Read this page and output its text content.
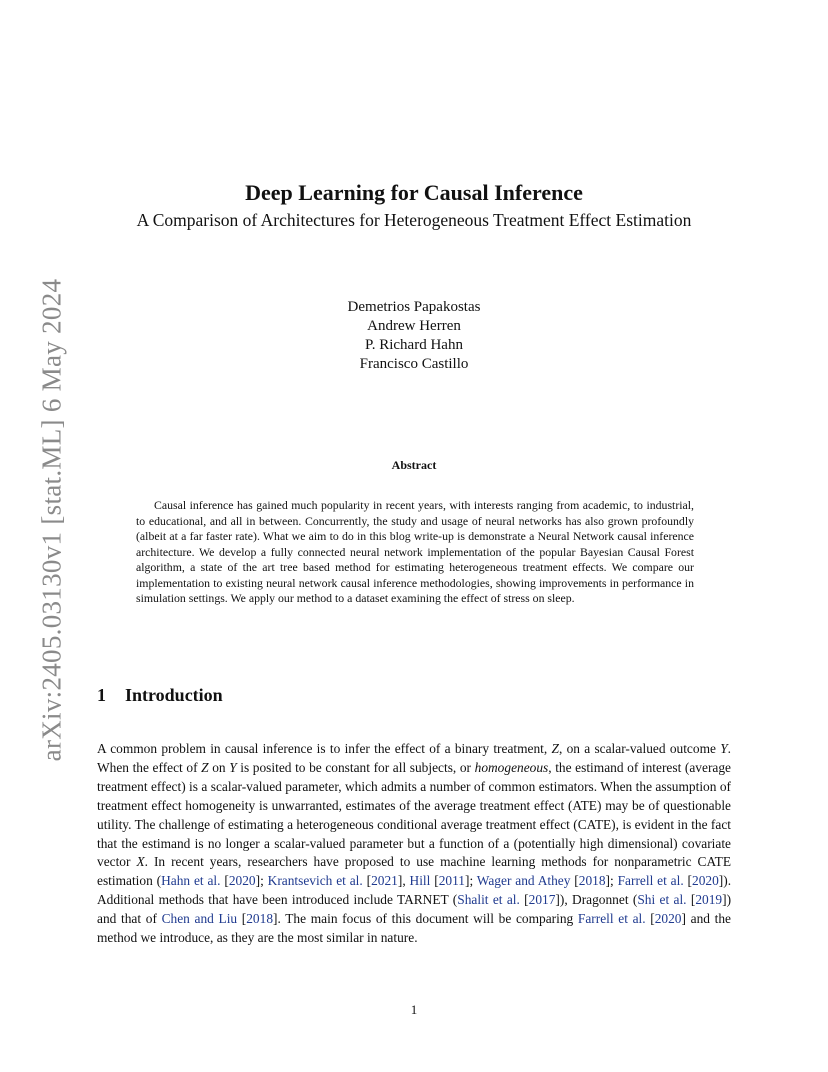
arXiv:2405.03130v1 [stat.ML] 6 May 2024
Deep Learning for Causal Inference
A Comparison of Architectures for Heterogeneous Treatment Effect Estimation
Demetrios Papakostas
Andrew Herren
P. Richard Hahn
Francisco Castillo
Abstract
Causal inference has gained much popularity in recent years, with interests ranging from academic, to industrial, to educational, and all in between. Concurrently, the study and usage of neural networks has also grown profoundly (albeit at a far faster rate). What we aim to do in this blog write-up is demonstrate a Neural Network causal inference architecture. We develop a fully connected neural network implementation of the popular Bayesian Causal Forest algorithm, a state of the art tree based method for estimating heterogeneous treatment effects. We compare our implementation to existing neural network causal inference methodologies, showing improvements in performance in simulation settings. We apply our method to a dataset examining the effect of stress on sleep.
1 Introduction
A common problem in causal inference is to infer the effect of a binary treatment, Z, on a scalar-valued outcome Y. When the effect of Z on Y is posited to be constant for all subjects, or homogeneous, the estimand of interest (average treatment effect) is a scalar-valued parameter, which admits a number of common estimators. When the assumption of treatment effect homogeneity is unwarranted, estimates of the average treatment effect (ATE) may be of questionable utility. The challenge of estimating a heterogeneous conditional average treatment effect (CATE), is evident in the fact that the estimand is no longer a scalar-valued parameter but a function of a (potentially high dimensional) covariate vector X. In recent years, researchers have proposed to use machine learning methods for nonparametric CATE estimation (Hahn et al. [2020]; Krantsevich et al. [2021], Hill [2011]; Wager and Athey [2018]; Farrell et al. [2020]). Additional methods that have been introduced include TARNET (Shalit et al. [2017]), Dragonnet (Shi et al. [2019]) and that of Chen and Liu [2018]. The main focus of this document will be comparing Farrell et al. [2020] and the method we introduce, as they are the most similar in nature.
1
